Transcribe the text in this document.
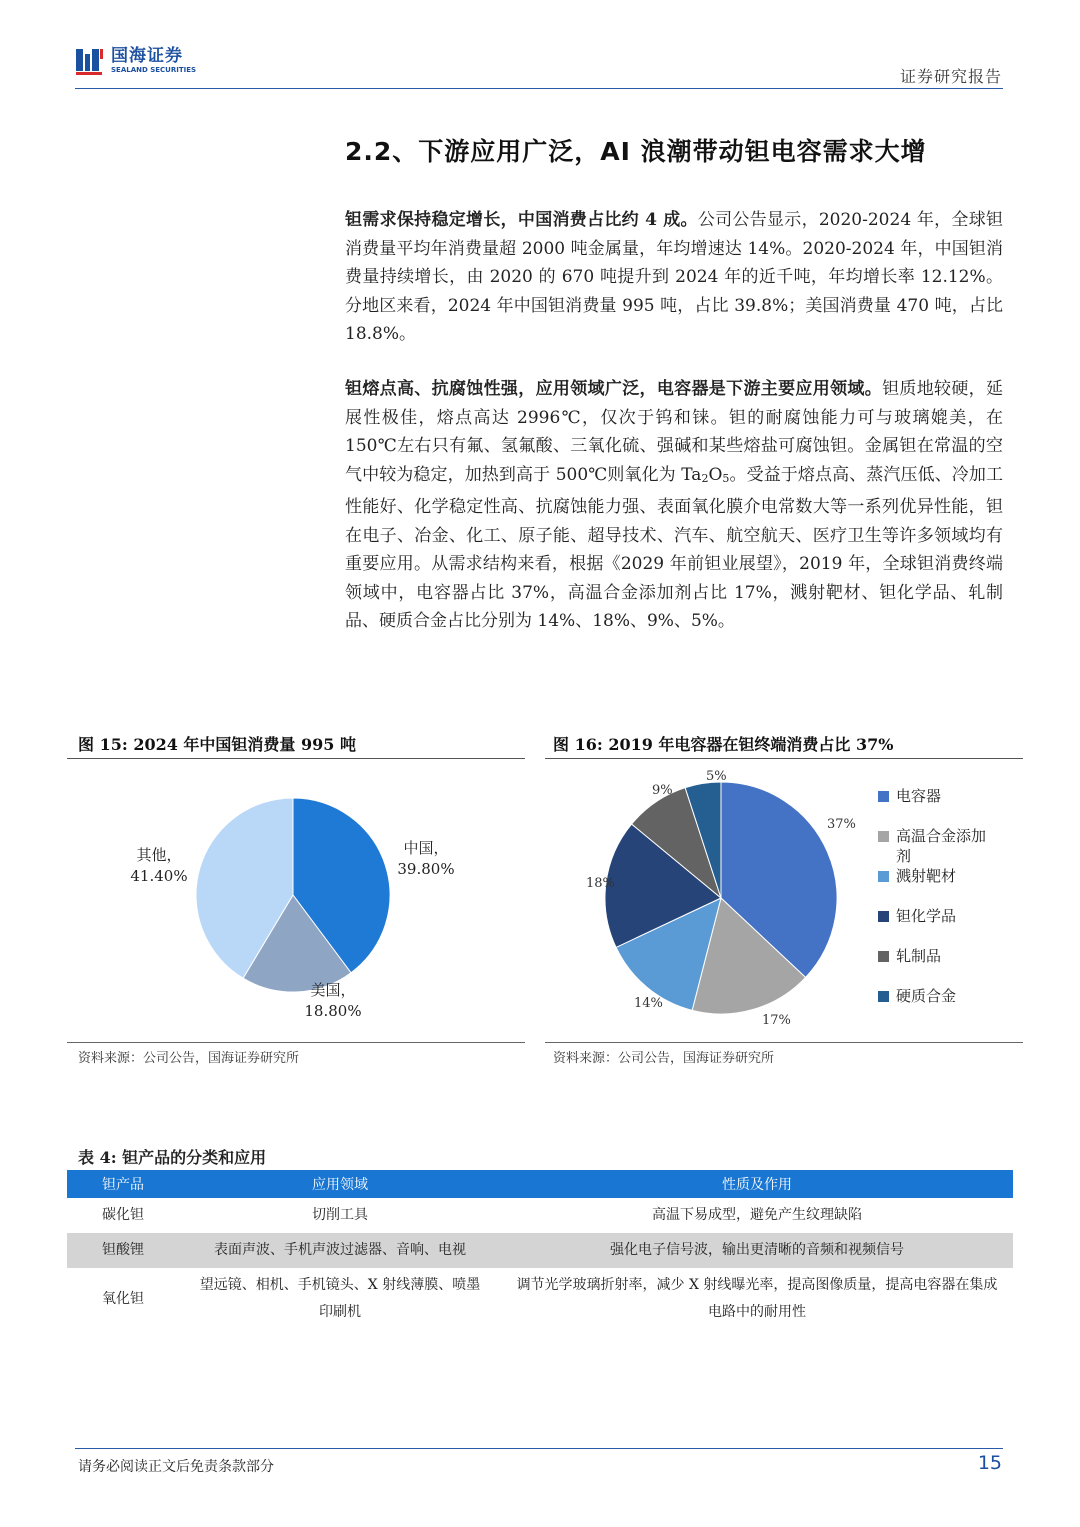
国海证券
SEALAND SECURITIES	证券研究报告
2.2、下游应用广泛，AI 浪潮带动钽电容需求大增
钽需求保持稳定增长，中国消费占比约 4 成。公司公告显示，2020-2024 年，全球钽消费量平均年消费量超 2000 吨金属量，年均增速达 14%。2020-2024 年，中国钽消费量持续增长，由 2020 的 670 吨提升到 2024 年的近千吨，年均增长率 12.12%。分地区来看，2024 年中国钽消费量 995 吨，占比 39.8%；美国消费量 470 吨，占比 18.8%。
钽熔点高、抗腐蚀性强，应用领域广泛，电容器是下游主要应用领域。钽质地较硬，延展性极佳，熔点高达 2996℃，仅次于钨和铼。钽的耐腐蚀能力可与玻璃媲美，在 150℃左右只有氟、氢氟酸、三氧化硫、强碱和某些熔盐可腐蚀钽。金属钽在常温的空气中较为稳定，加热到高于 500℃则氧化为 $Ta_2O_5$。受益于熔点高、蒸汽压低、冷加工性能好、化学稳定性高、抗腐蚀能力强、表面氧化膜介电常数大等一系列优异性能，钽在电子、冶金、化工、原子能、超导技术、汽车、航空航天、医疗卫生等许多领域均有重要应用。从需求结构来看，根据《2029 年前钽业展望》，2019 年，全球钽消费终端领域中，电容器占比 37%，高温合金添加剂占比 17%，溅射靶材、钽化学品、轧制品、硬质合金占比分别为 14%、18%、9%、5%。
图 15: 2024 年中国钽消费量 995 吨	图 16: 2019 年电容器在钽终端消费占比 37%
中国，
39.80%
美国，
18.80%
其他，
41.40%
37%
17%
14%
18%
9%
5%
电容器
高温合金添加剂
溅射靶材
钽化学品
轧制品
硬质合金
资料来源：公司公告，国海证券研究所	资料来源：公司公告，国海证券研究所
表 4: 钽产品的分类和应用
钽产品	应用领域	性质及作用
碳化钽	切削工具	高温下易成型，避免产生纹理缺陷
钽酸锂	表面声波、手机声波过滤器、音响、电视	强化电子信号波，输出更清晰的音频和视频信号
氧化钽	望远镜、相机、手机镜头、X 射线薄膜、喷墨印刷机	调节光学玻璃折射率，减少 X 射线曝光率，提高图像质量，提高电容器在集成电路中的耐用性
请务必阅读正文后免责条款部分	15
